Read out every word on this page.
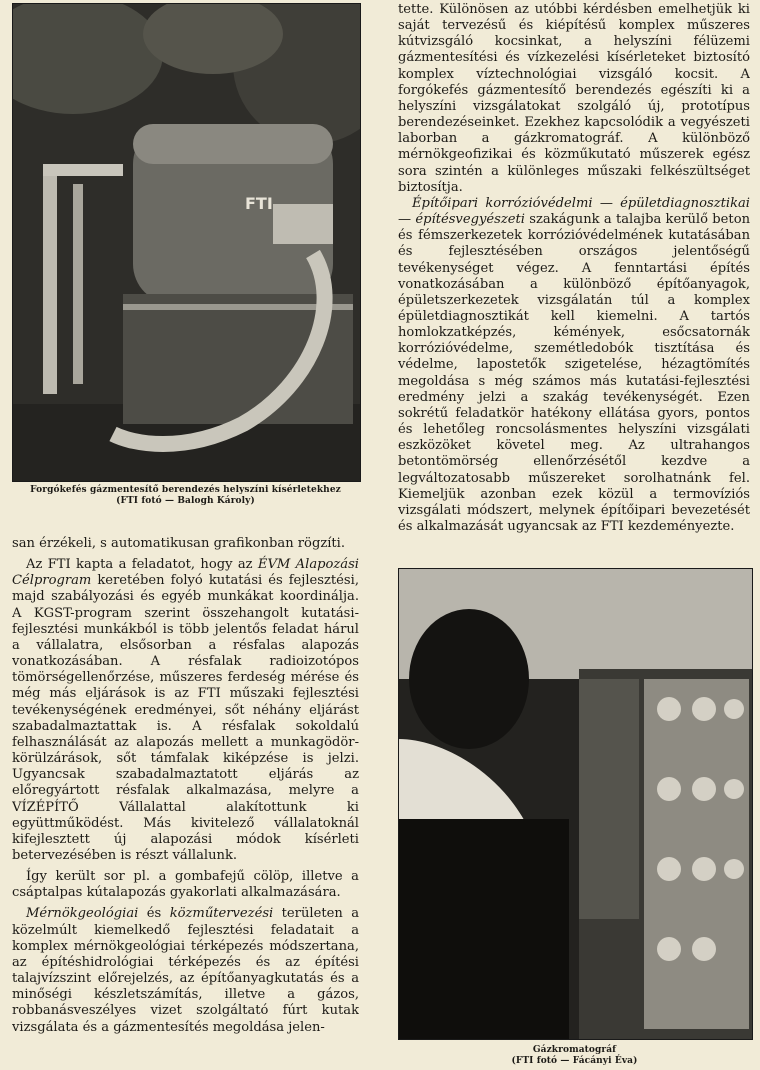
FTI
Forgókefés gázmentesítő berendezés helyszíni kísérletekhez
(FTI fotó — Balogh Károly)

tette. Különösen az utóbbi kérdésben emelhetjük ki saját tervezésű és kiépítésű komplex műszeres kútvizsgáló kocsinkat, a helyszíni félüzemi gázmentesítési és vízkezelési kísérleteket biztosító komplex víztechnológiai vizsgáló kocsit. A forgókefés gázmentesítő berendezés egészíti ki a helyszíni vizsgálatokat szolgáló új, prototípus berendezéseinket. Ezekhez kapcsolódik a vegyészeti laborban a gázkromatográf. A különböző mérnökgeofizikai és közműkutató műszerek egész sora szintén a különleges műszaki felkészültséget biztosítja.

Építőipari korrózióvédelmi — épületdiagnosztikai — építésvegyészeti szakágunk a talajba kerülő beton és fémszerkezetek korrózióvédelmének kutatásában és fejlesztésében országos jelentőségű tevékenységet végez. A fenntartási építés vonatkozásában a különböző építőanyagok, épületszerkezetek vizsgálatán túl a komplex épületdiagnosztikát kell kiemelni. A tartós homlokzatképzés, kémények, esőcsatornák korrózióvédelme, szemétledobók tisztítása és védelme, lapostetők szigetelése, hézagtömítés megoldása s még számos más kutatási-fejlesztési eredmény jelzi a szakág tevékenységét. Ezen sokrétű feladatkör hatékony ellátása gyors, pontos és lehetőleg roncsolásmentes helyszíni vizsgálati eszközöket követel meg. Az ultrahangos betontömörség ellenőrzésétől kezdve a legváltozatosabb műszereket sorolhatnánk fel. Kiemeljük azonban ezek közül a termovíziós vizsgálati módszert, melynek építőipari bevezetését és alkalmazását ugyancsak az FTI kezdeményezte.

san érzékeli, s automatikusan grafikonban rögzíti.

Az FTI kapta a feladatot, hogy az ÉVM Alapozási Célprogram keretében folyó kutatási és fejlesztési, majd szabályozási és egyéb munkákat koordinálja. A KGST-program szerint összehangolt kutatási-fejlesztési munkákból is több jelentős feladat hárul a vállalatra, elsősorban a résfalas alapozás vonatkozásában. A résfalak radioizotópos tömörségellenőrzése, műszeres ferdeség mérése és még más eljárások is az FTI műszaki fejlesztési tevékenységének eredményei, sőt néhány eljárást szabadalmaztattak is. A résfalak sokoldalú felhasználását az alapozás mellett a munkagödör-körülzárások, sőt támfalak kiképzése is jelzi. Ugyancsak szabadalmaztatott eljárás az előregyártott résfalak alkalmazása, melyre a VÍZÉPÍTŐ Vállalattal alakítottunk ki együttműködést. Más kivitelező vállalatoknál kifejlesztett új alapozási módok kísérleti betervezésében is részt vállalunk.

Így került sor pl. a gombafejű cölöp, illetve a csáptalpas kútalapozás gyakorlati alkalmazására.

Mérnökgeológiai és közműtervezési területen a közelmúlt kiemelkedő fejlesztési feladatait a komplex mérnökgeológiai térképezés módszertana, az építéshidrológiai térképezés és az építési talajvízszint előrejelzés, az építőanyagkutatás és a minőségi készletszámítás, illetve a gázos, robbanásveszélyes vizet szolgáltató fúrt kutak vizsgálata és a gázmentesítés megoldása jelen-

Gázkromatográf
(FTI fotó — Fácányi Éva)
